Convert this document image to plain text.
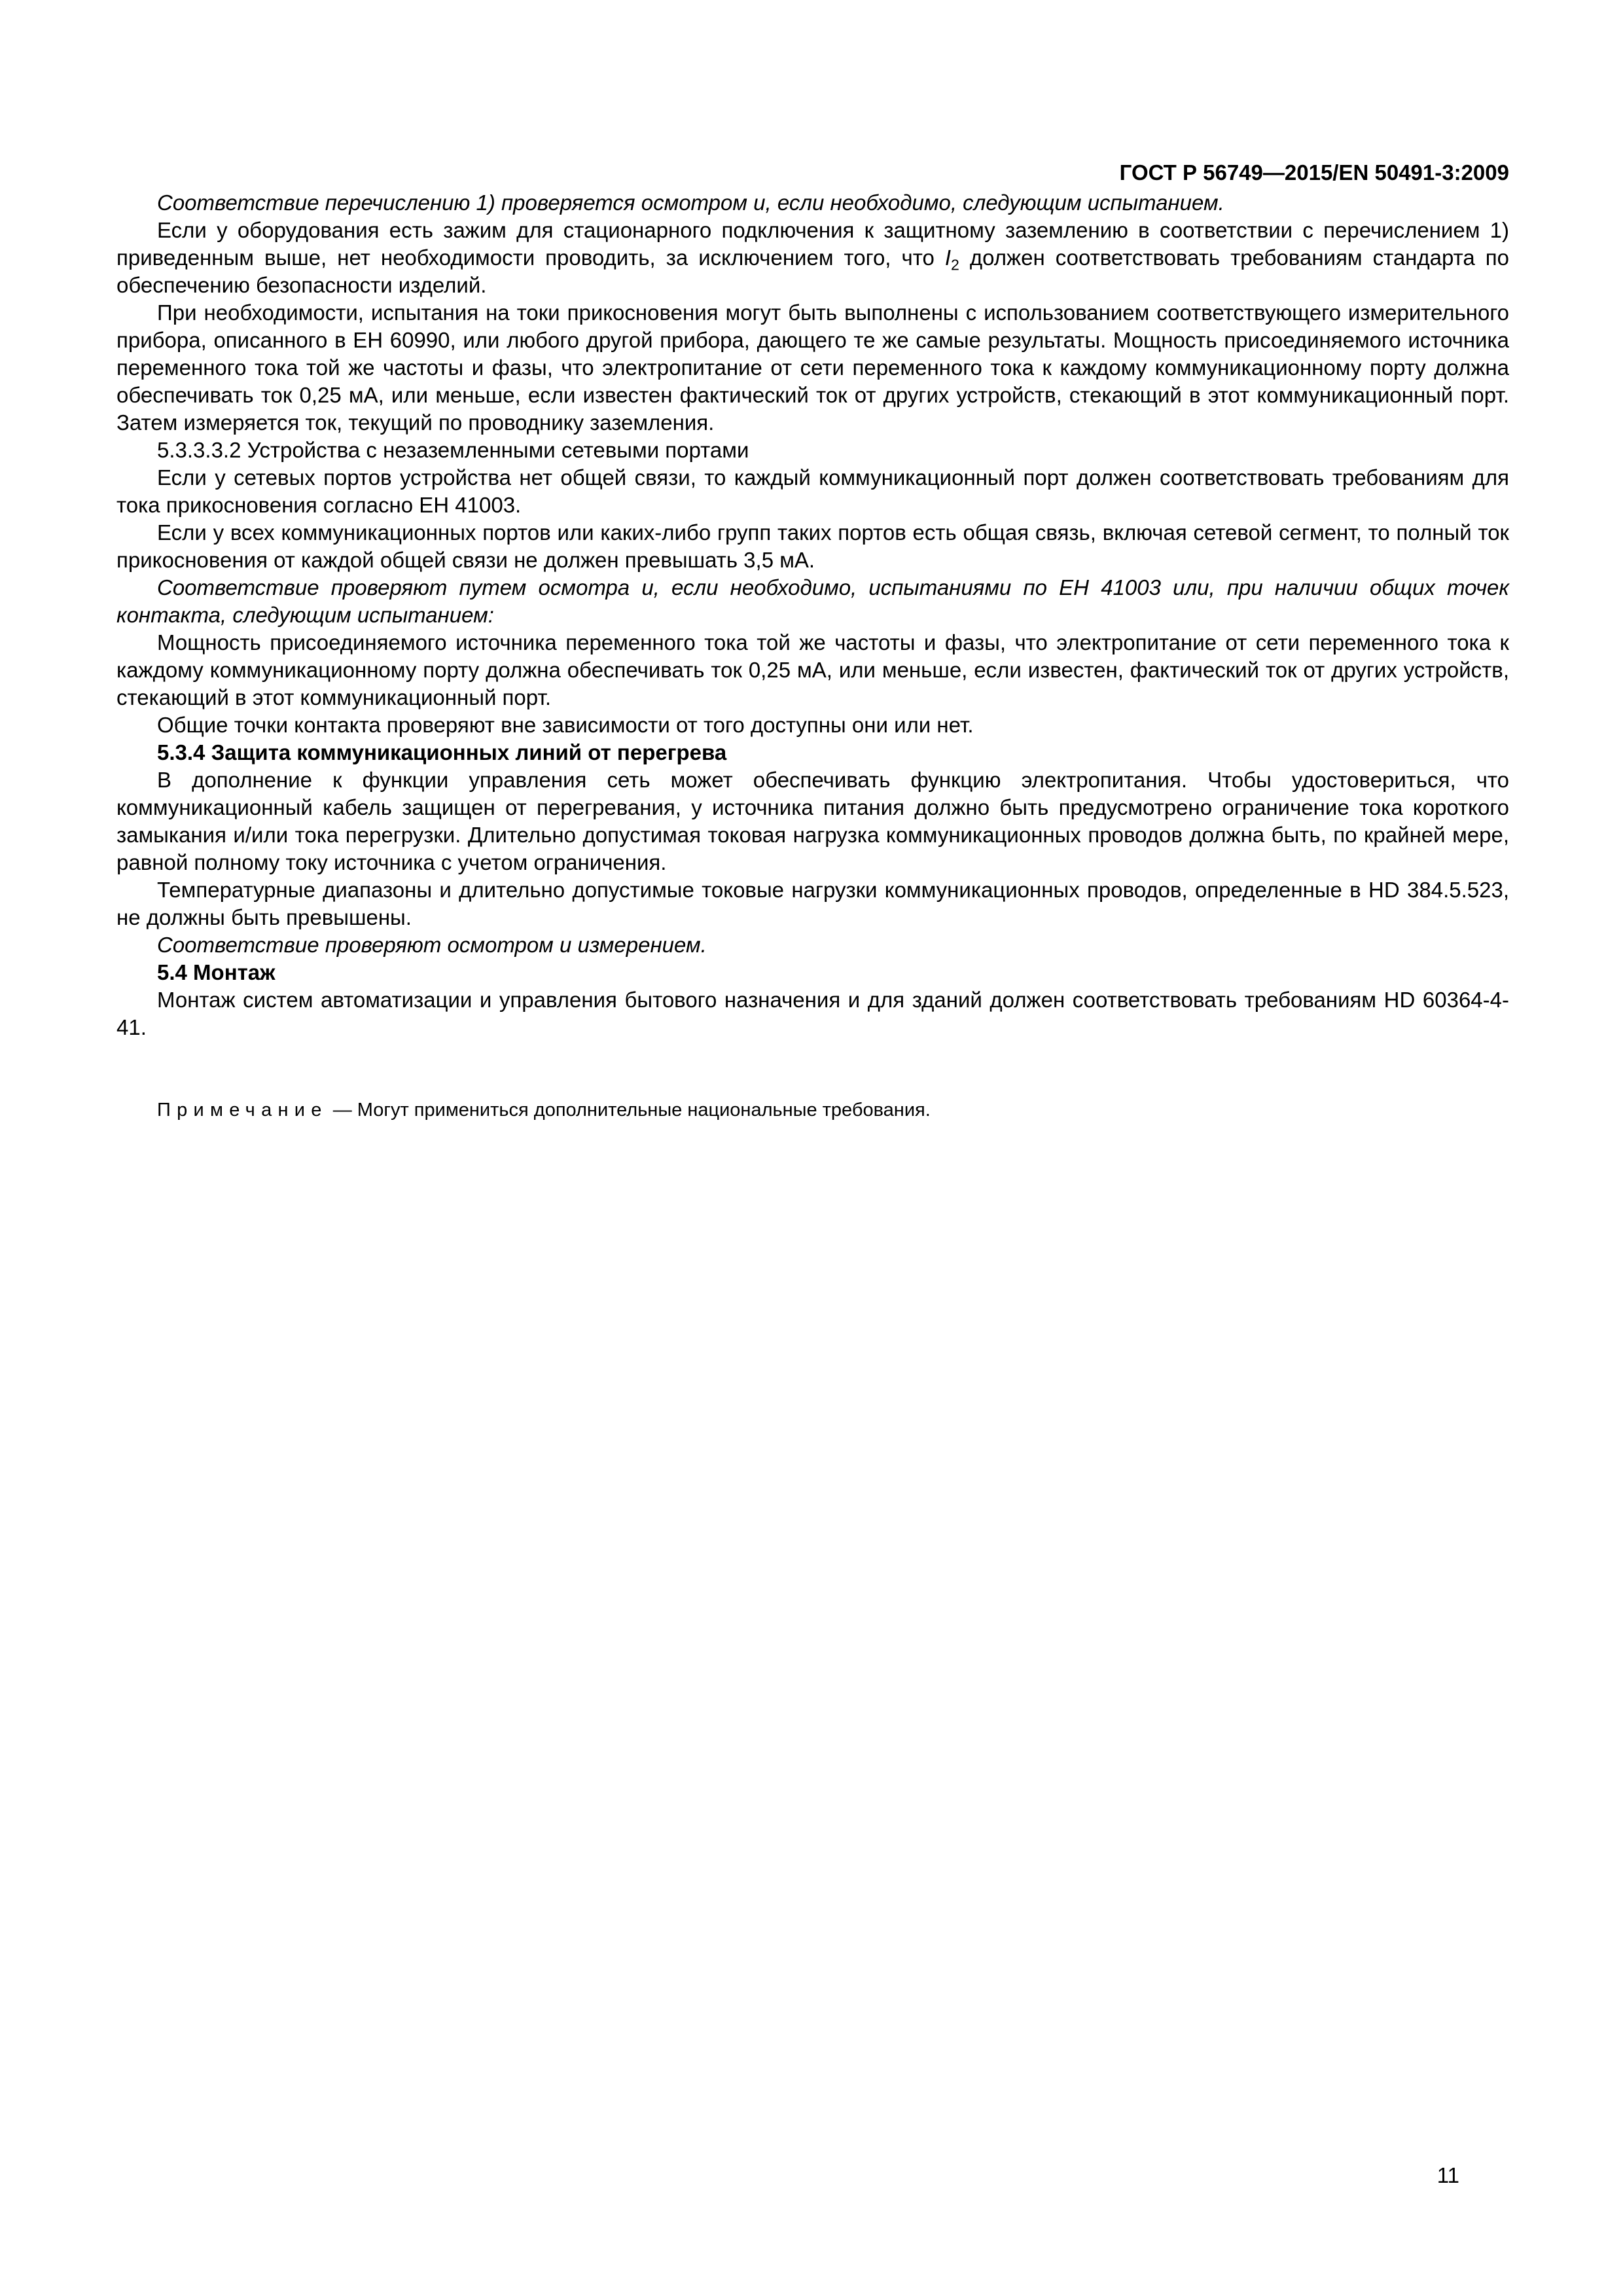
ГОСТ Р 56749—2015/EN 50491-3:2009

Соответствие перечислению 1) проверяется осмотром и, если необходимо, следующим испытанием.

Если у оборудования есть зажим для стационарного подключения к защитному заземлению в соответствии с перечислением 1) приведенным выше, нет необходимости проводить, за исключением того, что $I_2$ должен соответствовать требованиям стандарта по обеспечению безопасности изделий.

При необходимости, испытания на токи прикосновения могут быть выполнены с использованием соответствующего измерительного прибора, описанного в ЕН 60990, или любого другой прибора, дающего те же самые результаты. Мощность присоединяемого источника переменного тока той же частоты и фазы, что электропитание от сети переменного тока к каждому коммуникационному порту должна обеспечивать ток 0,25 мА, или меньше, если известен фактический ток от других устройств, стекающий в этот коммуникационный порт. Затем измеряется ток, текущий по проводнику заземления.

5.3.3.3.2 Устройства с незаземленными сетевыми портами

Если у сетевых портов устройства нет общей связи, то каждый коммуникационный порт должен соответствовать требованиям для тока прикосновения согласно ЕН 41003.

Если у всех коммуникационных портов или каких-либо групп таких портов есть общая связь, включая сетевой сегмент, то полный ток прикосновения от каждой общей связи не должен превышать 3,5 мА.

Соответствие проверяют путем осмотра и, если необходимо, испытаниями по ЕН 41003 или, при наличии общих точек контакта, следующим испытанием:

Мощность присоединяемого источника переменного тока той же частоты и фазы, что электропитание от сети переменного тока к каждому коммуникационному порту должна обеспечивать ток 0,25 мА, или меньше, если известен, фактический ток от других устройств, стекающий в этот коммуникационный порт.

Общие точки контакта проверяют вне зависимости от того доступны они или нет.

5.3.4 Защита коммуникационных линий от перегрева

В дополнение к функции управления сеть может обеспечивать функцию электропитания. Чтобы удостовериться, что коммуникационный кабель защищен от перегревания, у источника питания должно быть предусмотрено ограничение тока короткого замыкания и/или тока перегрузки. Длительно допустимая токовая нагрузка коммуникационных проводов должна быть, по крайней мере, равной полному току источника с учетом ограничения.

Температурные диапазоны и длительно допустимые токовые нагрузки коммуникационных проводов, определенные в HD 384.5.523, не должны быть превышены.

Соответствие проверяют осмотром и измерением.

5.4 Монтаж

Монтаж систем автоматизации и управления бытового назначения и для зданий должен соответствовать требованиям HD 60364-4-41.

Примечание — Могут примениться дополнительные национальные требования.

11
